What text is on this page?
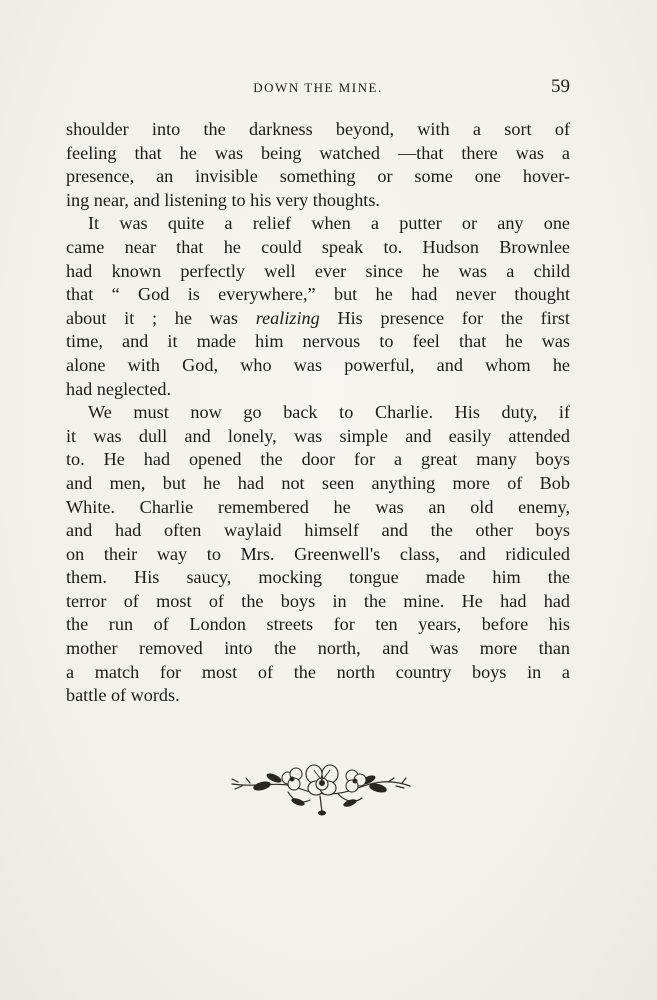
DOWN THE MINE.	59
shoulder into the darkness beyond, with a sort of
feeling that he was being watched —that there was a
presence, an invisible something or some one hover-
ing near, and listening to his very thoughts.
It was quite a relief when a putter or any one
came near that he could speak to. Hudson Brownlee
had known perfectly well ever since he was a child
that “ God is everywhere,” but he had never thought
about it ; he was realizing His presence for the first
time, and it made him nervous to feel that he was
alone with God, who was powerful, and whom he
had neglected.
We must now go back to Charlie. His duty, if
it was dull and lonely, was simple and easily attended
to. He had opened the door for a great many boys
and men, but he had not seen anything more of Bob
White. Charlie remembered he was an old enemy,
and had often waylaid himself and the other boys
on their way to Mrs. Greenwell's class, and ridiculed
them. His saucy, mocking tongue made him the
terror of most of the boys in the mine. He had had
the run of London streets for ten years, before his
mother removed into the north, and was more than
a match for most of the north country boys in a
battle of words.
